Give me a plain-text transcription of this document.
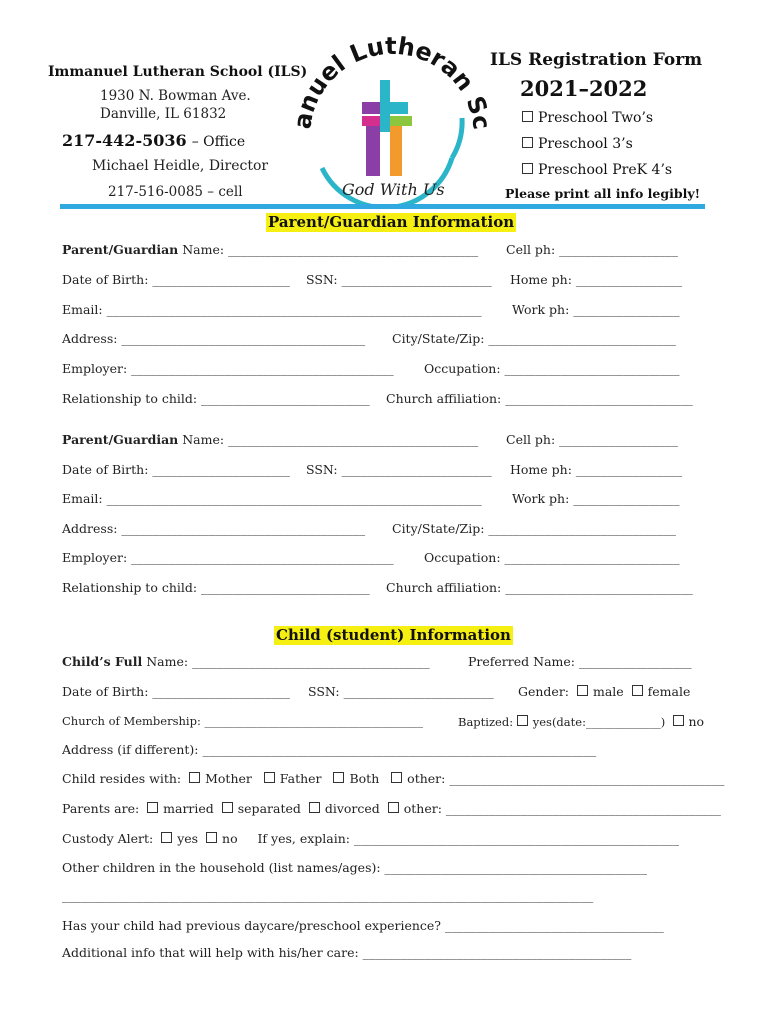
Immanuel Lutheran School (ILS)
1930 N. Bowman Ave.
Danville, IL 61832
217-442-5036 – Office
Michael Heidle, Director
217-516-0085 – cell
anuel Lutheran S
God With Us
ILS Registration Form
2021–2022
Preschool Two’s
Preschool 3’s
Preschool PreK 4’s
Please print all info legibly!
Parent/Guardian Information
Parent/Guardian Name: ________________________________________ Cell ph: ___________________
Date of Birth: ______________________ SSN: ________________________ Home ph: _________________
Email: ____________________________________________________________ Work ph: _________________
Address: _______________________________________ City/State/Zip: ______________________________
Employer: __________________________________________ Occupation: ____________________________
Relationship to child: ___________________________ Church affiliation: ______________________________
Parent/Guardian Name: ________________________________________ Cell ph: ___________________
Date of Birth: ______________________ SSN: ________________________ Home ph: _________________
Email: ____________________________________________________________ Work ph: _________________
Address: _______________________________________ City/State/Zip: ______________________________
Employer: __________________________________________ Occupation: ____________________________
Relationship to child: ___________________________ Church affiliation: ______________________________
Child (student) Information
Child’s Full Name: ______________________________________	Preferred Name: __________________
Date of Birth: ______________________ SSN: ________________________ Gender: male female
Church of Membership: ______________________________________	Baptized: yes(date:_____________) no
Address (if different): _______________________________________________________________
Child resides with: Mother Father Both other: ____________________________________________
Parents are: married separated divorced other: ____________________________________________
Custody Alert: yes no If yes, explain: ____________________________________________________
Other children in the household (list names/ages): __________________________________________
_____________________________________________________________________________________
Has your child had previous daycare/preschool experience? ___________________________________
Additional info that will help with his/her care: ___________________________________________
